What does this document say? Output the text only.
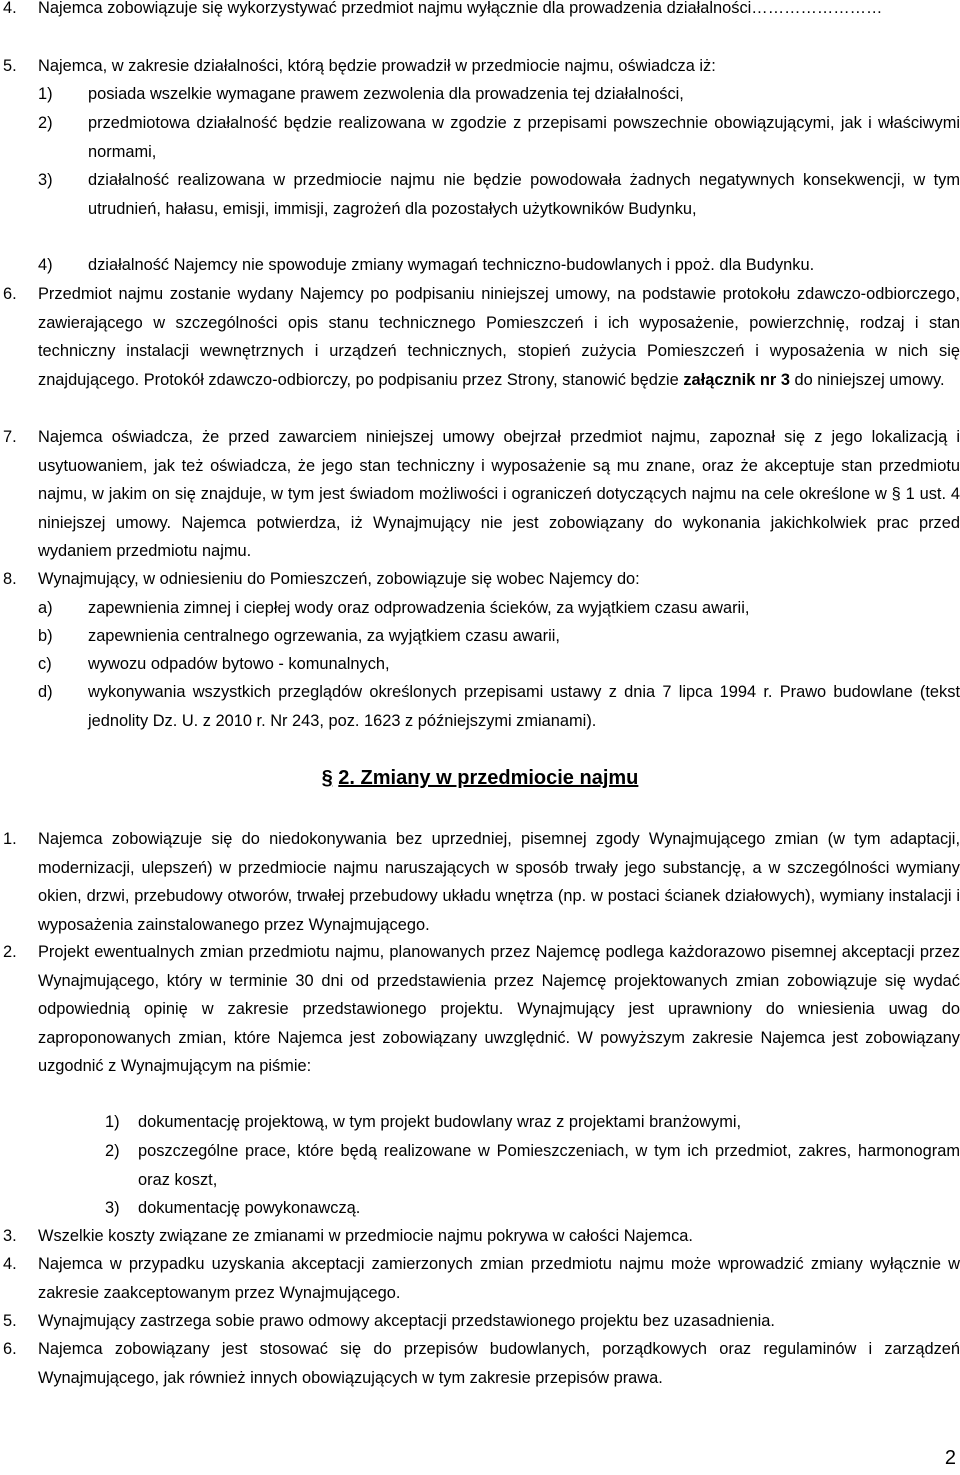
4. Najemca zobowiązuje się wykorzystywać przedmiot najmu wyłącznie dla prowadzenia działalności……………………
5. Najemca, w zakresie działalności, którą będzie prowadził w przedmiocie najmu, oświadcza iż:
1) posiada wszelkie wymagane prawem zezwolenia dla prowadzenia tej działalności,
2) przedmiotowa działalność będzie realizowana w zgodzie z przepisami powszechnie obowiązującymi, jak i właściwymi normami,
3) działalność realizowana w przedmiocie najmu nie będzie powodowała żadnych negatywnych konsekwencji, w tym utrudnień, hałasu, emisji, immisji, zagrożeń dla pozostałych użytkowników Budynku,
4) działalność Najemcy nie spowoduje zmiany wymagań techniczno-budowlanych i ppoż. dla Budynku.
6. Przedmiot najmu zostanie wydany Najemcy po podpisaniu niniejszej umowy, na podstawie protokołu zdawczo-odbiorczego, zawierającego w szczególności opis stanu technicznego Pomieszczeń i ich wyposażenie, powierzchnię, rodzaj i stan techniczny instalacji wewnętrznych i urządzeń technicznych, stopień zużycia Pomieszczeń i wyposażenia w nich się znajdującego. Protokół zdawczo-odbiorczy, po podpisaniu przez Strony, stanowić będzie załącznik nr 3 do niniejszej umowy.
7. Najemca oświadcza, że przed zawarciem niniejszej umowy obejrzał przedmiot najmu, zapoznał się z jego lokalizacją i usytuowaniem, jak też oświadcza, że jego stan techniczny i wyposażenie są mu znane, oraz że akceptuje stan przedmiotu najmu, w jakim on się znajduje, w tym jest świadom możliwości i ograniczeń dotyczących najmu na cele określone w § 1 ust. 4 niniejszej umowy. Najemca potwierdza, iż Wynajmujący nie jest zobowiązany do wykonania jakichkolwiek prac przed wydaniem przedmiotu najmu.
8. Wynajmujący, w odniesieniu do Pomieszczeń, zobowiązuje się wobec Najemcy do:
a) zapewnienia zimnej i ciepłej wody oraz odprowadzenia ścieków, za wyjątkiem czasu awarii,
b) zapewnienia centralnego ogrzewania, za wyjątkiem czasu awarii,
c) wywozu odpadów bytowo - komunalnych,
d) wykonywania wszystkich przeglądów określonych przepisami ustawy z dnia 7 lipca 1994 r. Prawo budowlane (tekst jednolity Dz. U. z 2010 r. Nr 243, poz. 1623 z późniejszymi zmianami).
§ 2. Zmiany w przedmiocie najmu
1. Najemca zobowiązuje się do niedokonywania bez uprzedniej, pisemnej zgody Wynajmującego zmian (w tym adaptacji, modernizacji, ulepszeń) w przedmiocie najmu naruszających w sposób trwały jego substancję, a w szczególności wymiany okien, drzwi, przebudowy otworów, trwałej przebudowy układu wnętrza (np. w postaci ścianek działowych), wymiany instalacji i wyposażenia zainstalowanego przez Wynajmującego.
2. Projekt ewentualnych zmian przedmiotu najmu, planowanych przez Najemcę podlega każdorazowo pisemnej akceptacji przez Wynajmującego, który w terminie 30 dni od przedstawienia przez Najemcę projektowanych zmian zobowiązuje się wydać odpowiednią opinię w zakresie przedstawionego projektu. Wynajmujący jest uprawniony do wniesienia uwag do zaproponowanych zmian, które Najemca jest zobowiązany uwzględnić. W powyższym zakresie Najemca jest zobowiązany uzgodnić z Wynajmującym na piśmie:
1) dokumentację projektową, w tym projekt budowlany wraz z projektami branżowymi,
2) poszczególne prace, które będą realizowane w Pomieszczeniach, w tym ich przedmiot, zakres, harmonogram oraz koszt,
3) dokumentację powykonawczą.
3. Wszelkie koszty związane ze zmianami w przedmiocie najmu pokrywa w całości Najemca.
4. Najemca w przypadku uzyskania akceptacji zamierzonych zmian przedmiotu najmu może wprowadzić zmiany wyłącznie w zakresie zaakceptowanym przez Wynajmującego.
5. Wynajmujący zastrzega sobie prawo odmowy akceptacji przedstawionego projektu bez uzasadnienia.
6. Najemca zobowiązany jest stosować się do przepisów budowlanych, porządkowych oraz regulaminów i zarządzeń Wynajmującego, jak również innych obowiązujących w tym zakresie przepisów prawa.
2
